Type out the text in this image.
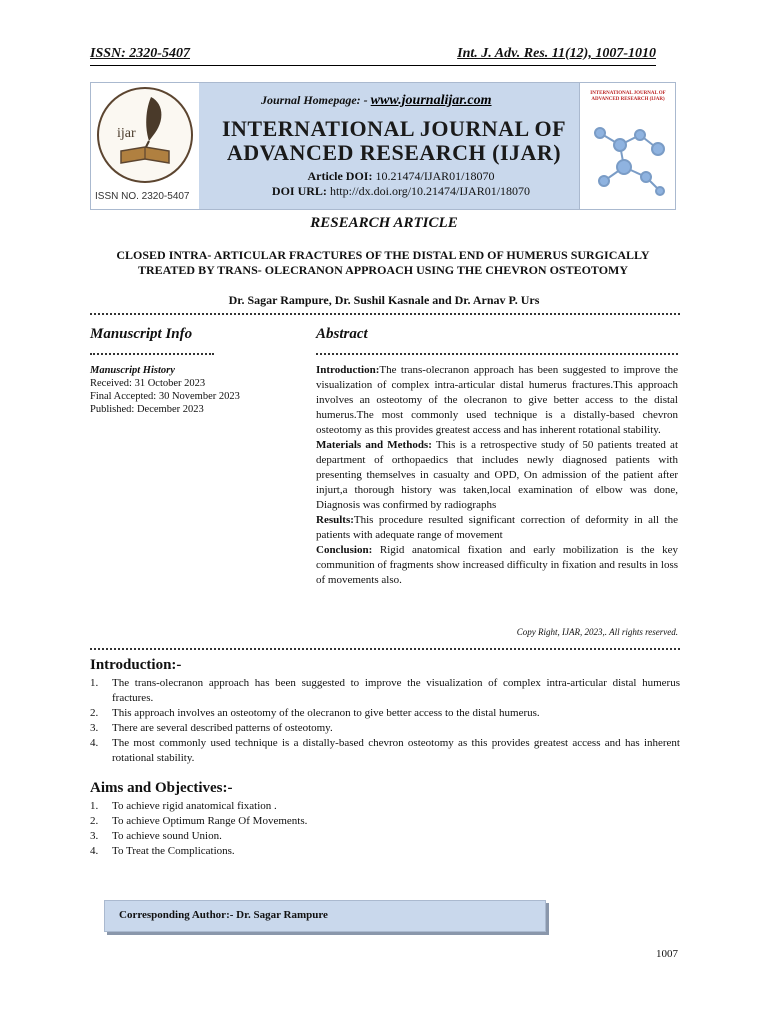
ISSN: 2320-5407	Int. J. Adv. Res. 11(12), 1007-1010
ijar
ISSN NO. 2320-5407
Journal Homepage: - www.journalijar.com
INTERNATIONAL JOURNAL OF
ADVANCED RESEARCH (IJAR)
Article DOI: 10.21474/IJAR01/18070
DOI URL: http://dx.doi.org/10.21474/IJAR01/18070
INTERNATIONAL JOURNAL OF ADVANCED RESEARCH (IJAR)
RESEARCH ARTICLE
CLOSED INTRA- ARTICULAR FRACTURES OF THE DISTAL END OF HUMERUS SURGICALLY TREATED BY TRANS- OLECRANON APPROACH USING THE CHEVRON OSTEOTOMY
Dr. Sagar Rampure, Dr. Sushil Kasnale and Dr. Arnav P. Urs
Manuscript Info
Manuscript History
Received: 31 October 2023
Final Accepted: 30 November 2023
Published: December 2023
Abstract

Introduction:The trans-olecranon approach has been suggested to improve the visualization of complex intra-articular distal humerus fractures.This approach involves an osteotomy of the olecranon to give better access to the distal humerus.The most commonly used technique is a distally-based chevron osteotomy as this provides greatest access and has inherent rotational stability.

Materials and Methods: This is a retrospective study of 50 patients treated at department of orthopaedics that includes newly diagnosed patients with presenting themselves in casualty and OPD, On admission of the patient after injurt,a thorough history was taken,local examination of elbow was done, Diagnosis was confirmed by radiographs

Results:This procedure resulted significant correction of deformity in all the patients with adequate range of movement

Conclusion: Rigid anatomical fixation and early mobilization is the key communition of fragments show increased difficulty in fixation and results in loss of movements also.

Copy Right, IJAR, 2023,. All rights reserved.
Introduction:-
1. The trans-olecranon approach has been suggested to improve the visualization of complex intra-articular distal humerus fractures.
2. This approach involves an osteotomy of the olecranon to give better access to the distal humerus.
3. There are several described patterns of osteotomy.
4. The most commonly used technique is a distally-based chevron osteotomy as this provides greatest access and has inherent rotational stability.
Aims and Objectives:-
1. To achieve rigid anatomical fixation .
2. To achieve Optimum Range Of Movements.
3. To achieve sound Union.
4. To Treat the Complications.
Corresponding Author:- Dr. Sagar Rampure
1007
